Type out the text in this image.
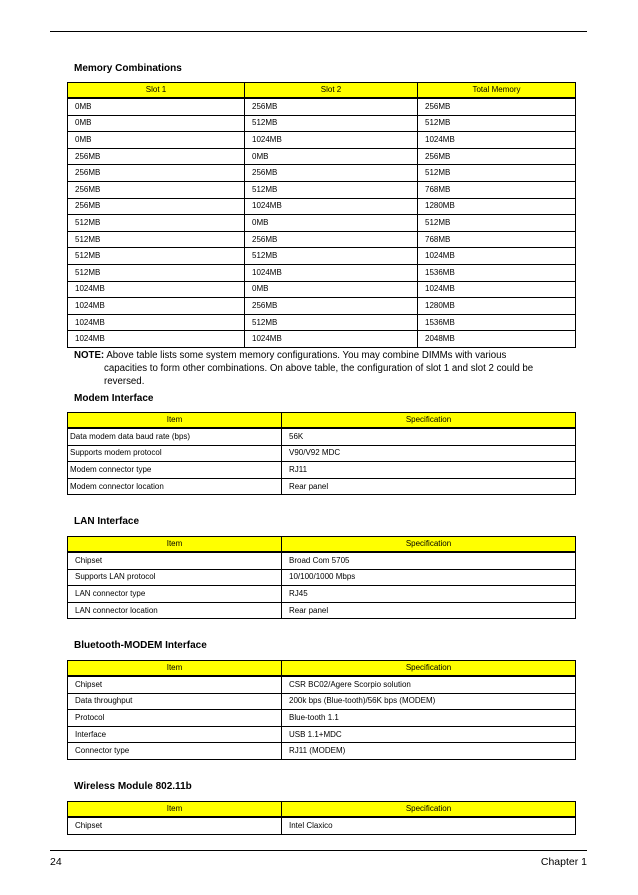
Memory Combinations
Slot 1	Slot 2	Total Memory
0MB	256MB	256MB
0MB	512MB	512MB
0MB	1024MB	1024MB
256MB	0MB	256MB
256MB	256MB	512MB
256MB	512MB	768MB
256MB	1024MB	1280MB
512MB	0MB	512MB
512MB	256MB	768MB
512MB	512MB	1024MB
512MB	1024MB	1536MB
1024MB	0MB	1024MB
1024MB	256MB	1280MB
1024MB	512MB	1536MB
1024MB	1024MB	2048MB
NOTE: Above table lists some system memory configurations. You may combine DIMMs with various
capacities to form other combinations. On above table, the configuration of slot 1 and slot 2 could be
reversed.
Modem Interface
Item	Specification
Data modem data baud rate (bps)	56K
Supports modem protocol	V90/V92 MDC
Modem connector type	RJ11
Modem connector location	Rear panel
LAN Interface
Item	Specification
Chipset	Broad Com 5705
Supports LAN protocol	10/100/1000 Mbps
LAN connector type	RJ45
LAN connector location	Rear panel
Bluetooth-MODEM Interface
Item	Specification
Chipset	CSR BC02/Agere Scorpio solution
Data throughput	200k bps (Blue-tooth)/56K bps (MODEM)
Protocol	Blue-tooth 1.1
Interface	USB 1.1+MDC
Connector type	RJ11 (MODEM)
Wireless Module 802.11b
Item	Specification
Chipset	Intel Claxico
24	Chapter 1
